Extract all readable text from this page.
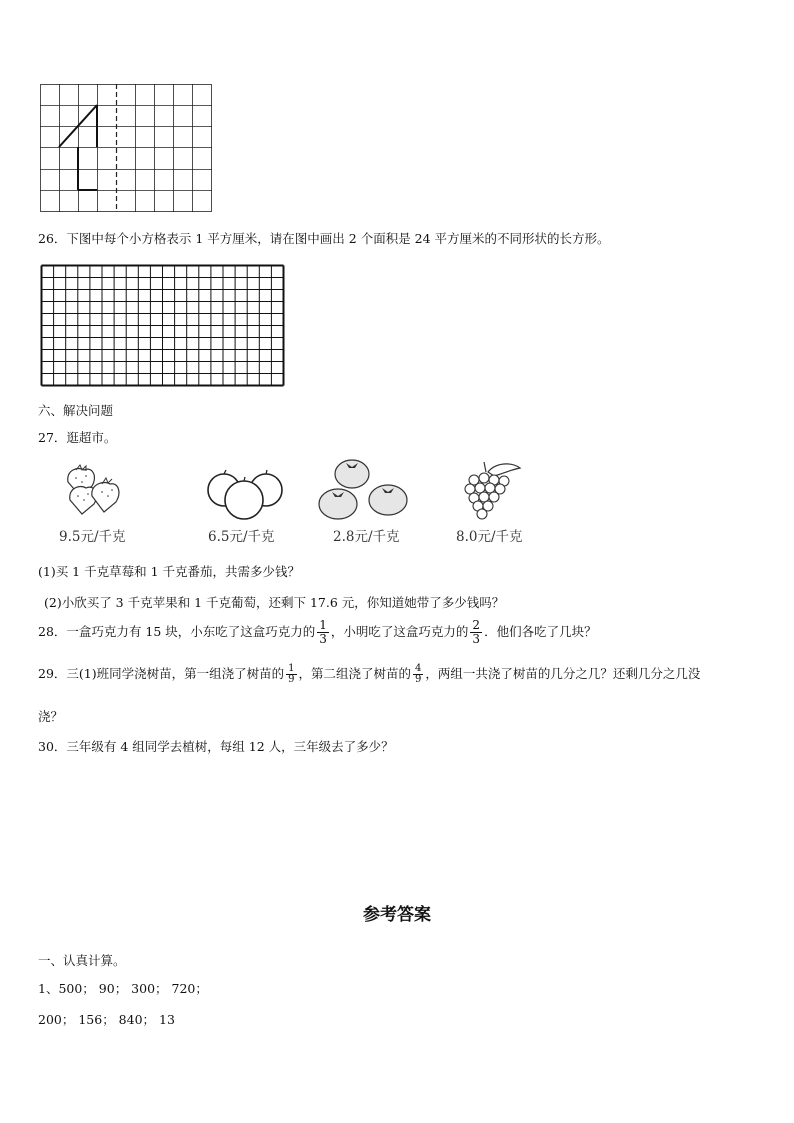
26．下图中每个小方格表示 1 平方厘米，请在图中画出 2 个面积是 24 平方厘米的不同形状的长方形。
六、解决问题
27．逛超市。
9.5元/千克	6.5元/千克	2.8元/千克	8.0元/千克
(1)买 1 千克草莓和 1 千克番茄，共需多少钱？
(2)小欣买了 3 千克苹果和 1 千克葡萄，还剩下 17.6 元，你知道她带了多少钱吗？
28．一盒巧克力有 15 块，小东吃了这盒巧克力的 $\frac{1}{3}$ ，小明吃了这盒巧克力的 $\frac{2}{3}$ ．他们各吃了几块？
29．三(1)班同学浇树苗，第一组浇了树苗的 $\frac{1}{9}$ ，第二组浇了树苗的 $\frac{4}{9}$ ，两组一共浇了树苗的几分之几？还剩几分之几没
浇？
30．三年级有 4 组同学去植树，每组 12 人，三年级去了多少？
参考答案
一、认真计算。
1、500； 90； 300； 720；
200； 156； 840； 13
